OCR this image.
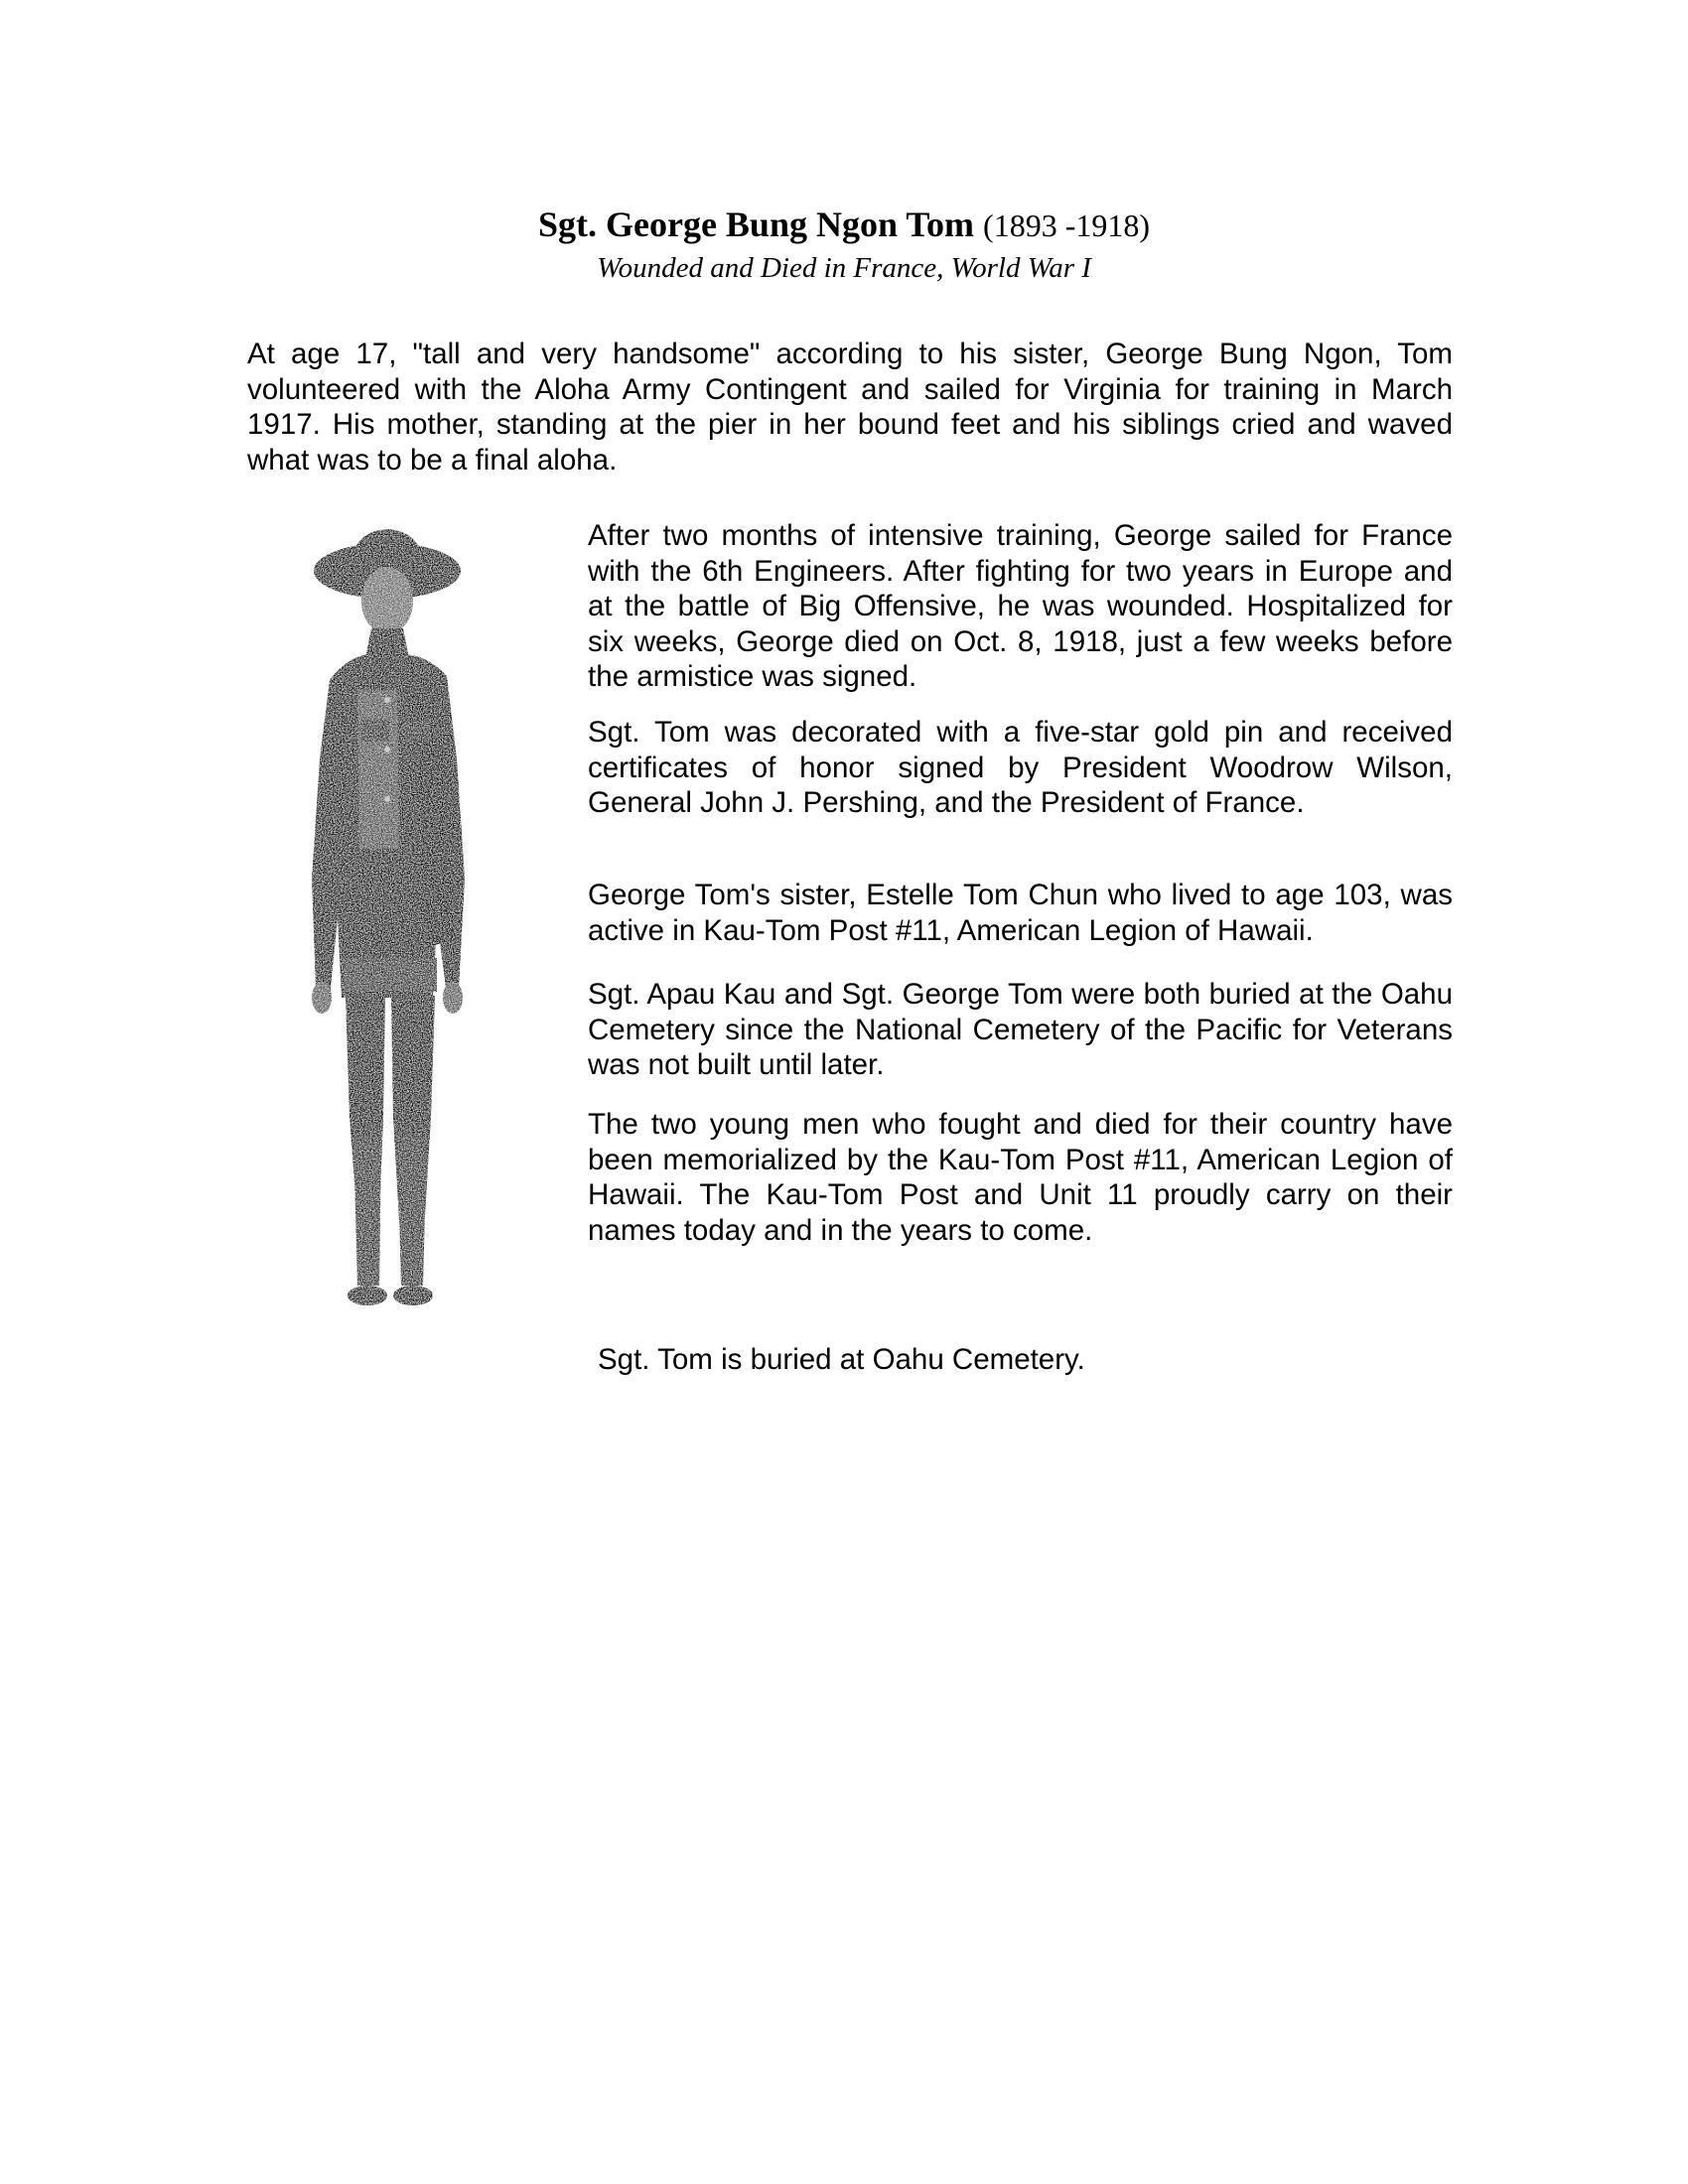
Sgt. George Bung Ngon Tom (1893 -1918)
Wounded and Died in France, World War I

At age 17, "tall and very handsome" according to his sister, George Bung Ngon, Tom volunteered with the Aloha Army Contingent and sailed for Virginia for training in March 1917. His mother, standing at the pier in her bound feet and his siblings cried and waved what was to be a final aloha.

After two months of intensive training, George sailed for France with the 6th Engineers. After fighting for two years in Europe and at the battle of Big Offensive, he was wounded. Hospitalized for six weeks, George died on Oct. 8, 1918, just a few weeks before the armistice was signed.

Sgt. Tom was decorated with a five-star gold pin and received certificates of honor signed by President Woodrow Wilson, General John J. Pershing, and the President of France.

George Tom's sister, Estelle Tom Chun who lived to age 103, was active in Kau-Tom Post #11, American Legion of Hawaii.

Sgt. Apau Kau and Sgt. George Tom were both buried at the Oahu Cemetery since the National Cemetery of the Pacific for Veterans was not built until later.

The two young men who fought and died for their country have been memorialized by the Kau-Tom Post #11, American Legion of Hawaii. The Kau-Tom Post and Unit 11 proudly carry on their names today and in the years to come.

Sgt. Tom is buried at Oahu Cemetery.
